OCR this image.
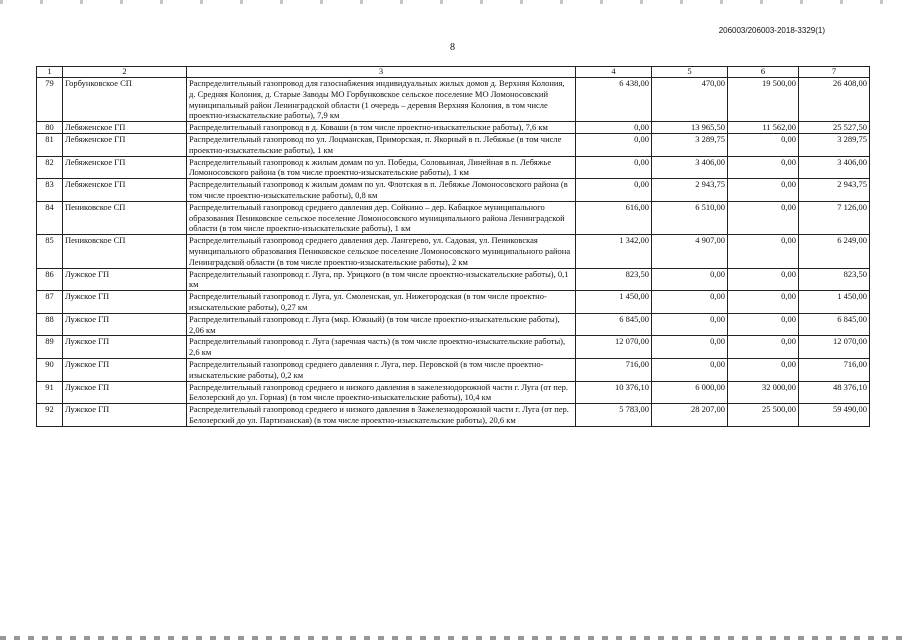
206003/206003-2018-3329(1)
8
1	2	3	4	5	6	7
79	Горбунковское СП	Распределительный газопровод для газоснабжения индивидуальных жилых домов д. Верхняя Колония, д. Средняя Колония, д. Старые Заводы МО Горбунковское сельское поселение МО Ломоносовский муниципальный район Ленинградской области (1 очередь – деревня Верхняя Колония, в том числе проектно-изыскательские работы), 7,9 км	6 438,00	470,00	19 500,00	26 408,00
80	Лебяженское ГП	Распределительный газопровод в д. Коваши (в том числе проектно-изыскательские работы), 7,6 км	0,00	13 965,50	11 562,00	25 527,50
81	Лебяженское ГП	Распределительный газопровод по ул. Лоцманская, Приморская, п. Якорный в п. Лебяжье (в том числе проектно-изыскательские работы), 1 км	0,00	3 289,75	0,00	3 289,75
82	Лебяженское ГП	Распределительный газопровод к жилым домам по ул. Победы, Соловьиная, Линейная в п. Лебяжье Ломоносовского района (в том числе проектно-изыскательские работы), 1 км	0,00	3 406,00	0,00	3 406,00
83	Лебяженское ГП	Распределительный газопровод к жилым домам по ул. Флотская в п. Лебяжье Ломоносовского района (в том числе проектно-изыскательские работы), 0,8 км	0,00	2 943,75	0,00	2 943,75
84	Пениковское СП	Распределительный газопровод среднего давления дер. Сойкино – дер. Кабацкое муниципального образования Пениковское сельское поселение Ломоносовского муниципального района Ленинградской области (в том числе проектно-изыскательские работы), 1 км	616,00	6 510,00	0,00	7 126,00
85	Пениковское СП	Распределительный газопровод среднего давления дер. Лангерево, ул. Садовая, ул. Пениковская муниципального образования Пениковское сельское поселение Ломоносовского муниципального района Ленинградской области (в том числе проектно-изыскательские работы), 2 км	1 342,00	4 907,00	0,00	6 249,00
86	Лужское ГП	Распределительный газопровод г. Луга, пр. Урицкого (в том числе проектно-изыскательские работы), 0,1 км	823,50	0,00	0,00	823,50
87	Лужское ГП	Распределительный газопровод г. Луга, ул. Смоленская, ул. Нижегородская (в том числе проектно-изыскательские работы), 0,27 км	1 450,00	0,00	0,00	1 450,00
88	Лужское ГП	Распределительный газопровод г. Луга (мкр. Южный) (в том числе проектно-изыскательские работы), 2,06 км	6 845,00	0,00	0,00	6 845,00
89	Лужское ГП	Распределительный газопровод г. Луга (заречная часть) (в том числе проектно-изыскательские работы), 2,6 км	12 070,00	0,00	0,00	12 070,00
90	Лужское ГП	Распределительный газопровод среднего давления г. Луга, пер. Перовской (в том числе проектно-изыскательские работы), 0,2 км	716,00	0,00	0,00	716,00
91	Лужское ГП	Распределительный газопровод среднего и низкого давления в зажелезнодорожной части г. Луга (от пер. Белозерский до ул. Горная) (в том числе проектно-изыскательские работы), 10,4 км	10 376,10	6 000,00	32 000,00	48 376,10
92	Лужское ГП	Распределительный газопровод среднего и низкого давления в Зажелезнодорожной части г. Луга (от пер. Белозерский до ул. Партизанская) (в том числе проектно-изыскательские работы), 20,6 км	5 783,00	28 207,00	25 500,00	59 490,00
